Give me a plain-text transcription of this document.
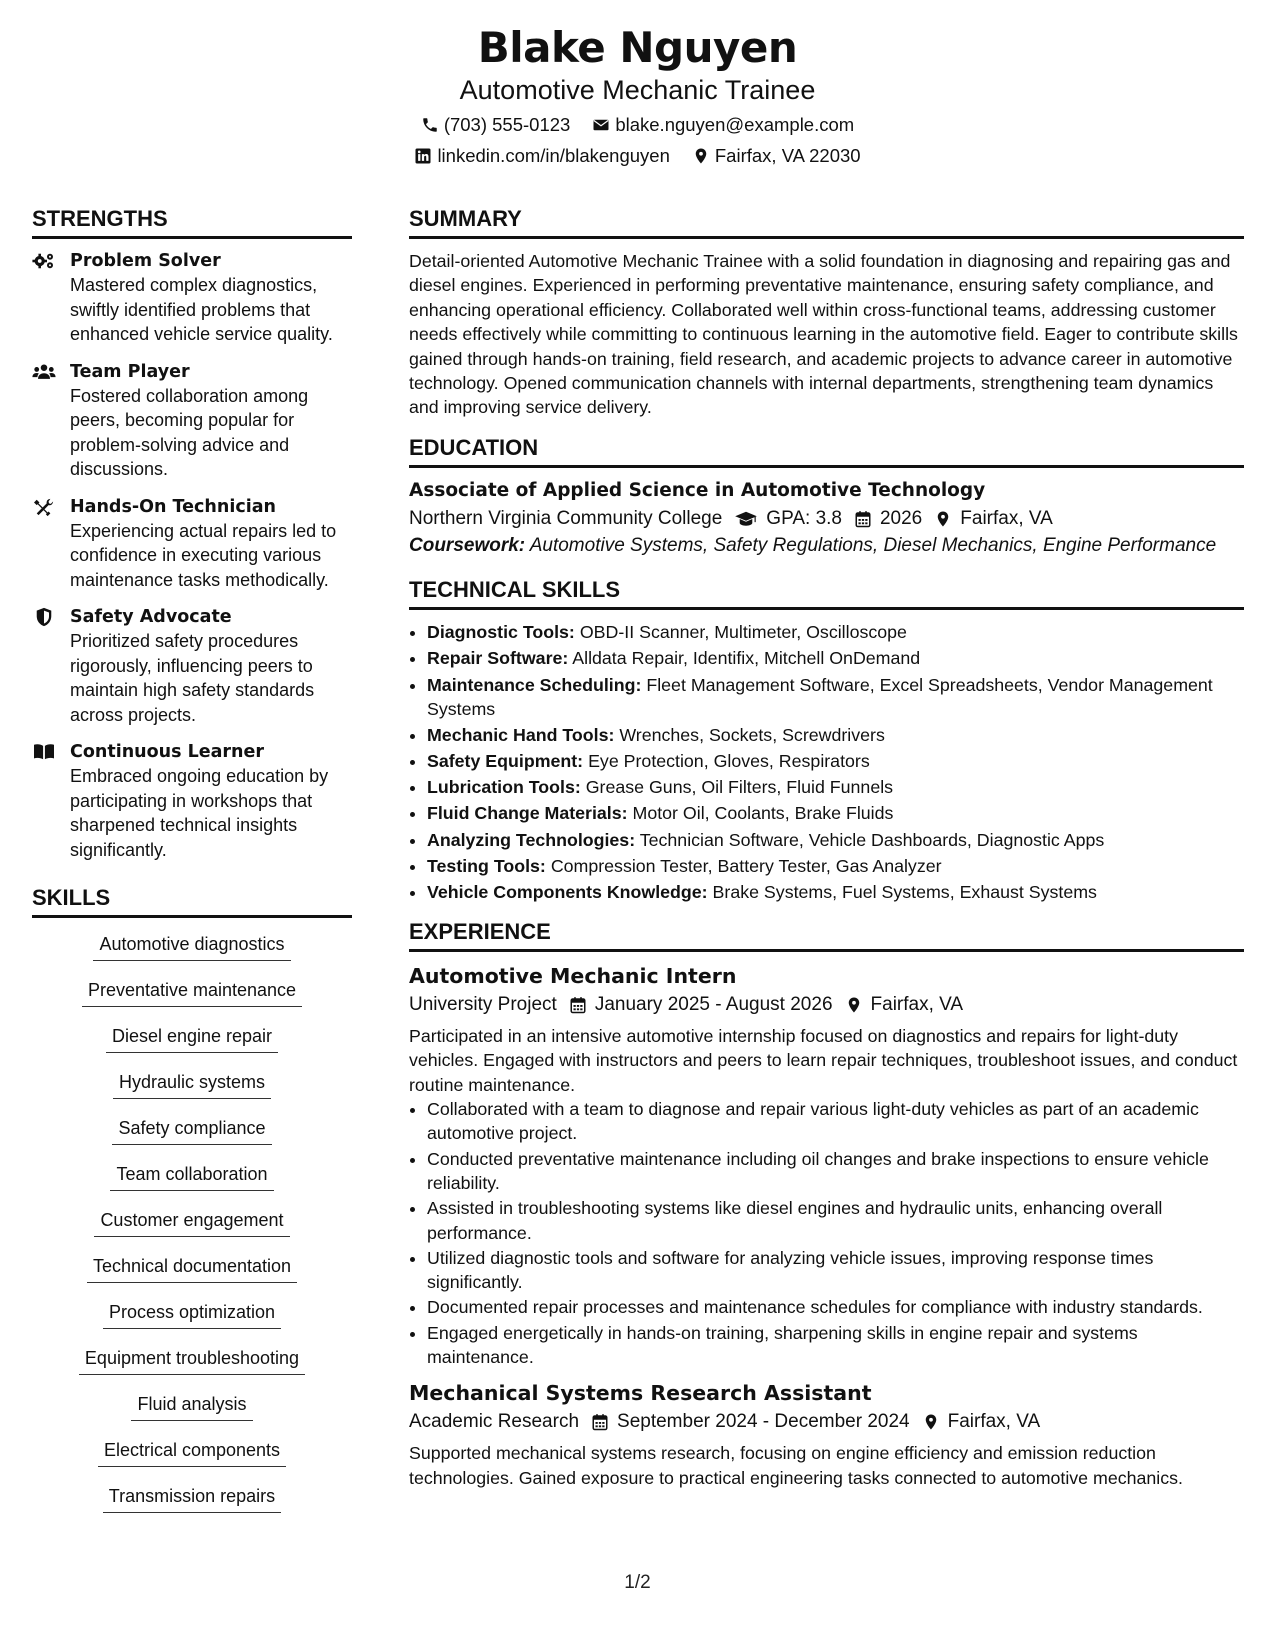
Blake Nguyen
Automotive Mechanic Trainee
(703) 555-0123 blake.nguyen@example.com
linkedin.com/in/blakenguyen Fairfax, VA 22030
STRENGTHS
Problem Solver
Mastered complex diagnostics, swiftly identified problems that enhanced vehicle service quality.
Team Player
Fostered collaboration among peers, becoming popular for problem-solving advice and discussions.
Hands-On Technician
Experiencing actual repairs led to confidence in executing various maintenance tasks methodically.
Safety Advocate
Prioritized safety procedures rigorously, influencing peers to maintain high safety standards across projects.
Continuous Learner
Embraced ongoing education by participating in workshops that sharpened technical insights significantly.
SKILLS
Automotive diagnostics
Preventative maintenance
Diesel engine repair
Hydraulic systems
Safety compliance
Team collaboration
Customer engagement
Technical documentation
Process optimization
Equipment troubleshooting
Fluid analysis
Electrical components
Transmission repairs
SUMMARY
Detail-oriented Automotive Mechanic Trainee with a solid foundation in diagnosing and repairing gas and diesel engines. Experienced in performing preventative maintenance, ensuring safety compliance, and enhancing operational efficiency. Collaborated well within cross-functional teams, addressing customer needs effectively while committing to continuous learning in the automotive field. Eager to contribute skills gained through hands-on training, field research, and academic projects to advance career in automotive technology. Opened communication channels with internal departments, strengthening team dynamics and improving service delivery.
EDUCATION
Associate of Applied Science in Automotive Technology
Northern Virginia Community College GPA: 3.8 2026 Fairfax, VA
Coursework: Automotive Systems, Safety Regulations, Diesel Mechanics, Engine Performance
TECHNICAL SKILLS
• Diagnostic Tools: OBD-II Scanner, Multimeter, Oscilloscope
• Repair Software: Alldata Repair, Identifix, Mitchell OnDemand
• Maintenance Scheduling: Fleet Management Software, Excel Spreadsheets, Vendor Management Systems
• Mechanic Hand Tools: Wrenches, Sockets, Screwdrivers
• Safety Equipment: Eye Protection, Gloves, Respirators
• Lubrication Tools: Grease Guns, Oil Filters, Fluid Funnels
• Fluid Change Materials: Motor Oil, Coolants, Brake Fluids
• Analyzing Technologies: Technician Software, Vehicle Dashboards, Diagnostic Apps
• Testing Tools: Compression Tester, Battery Tester, Gas Analyzer
• Vehicle Components Knowledge: Brake Systems, Fuel Systems, Exhaust Systems
EXPERIENCE
Automotive Mechanic Intern
University Project January 2025 - August 2026 Fairfax, VA
Participated in an intensive automotive internship focused on diagnostics and repairs for light-duty vehicles. Engaged with instructors and peers to learn repair techniques, troubleshoot issues, and conduct routine maintenance.
• Collaborated with a team to diagnose and repair various light-duty vehicles as part of an academic automotive project.
• Conducted preventative maintenance including oil changes and brake inspections to ensure vehicle reliability.
• Assisted in troubleshooting systems like diesel engines and hydraulic units, enhancing overall performance.
• Utilized diagnostic tools and software for analyzing vehicle issues, improving response times significantly.
• Documented repair processes and maintenance schedules for compliance with industry standards.
• Engaged energetically in hands-on training, sharpening skills in engine repair and systems maintenance.
Mechanical Systems Research Assistant
Academic Research September 2024 - December 2024 Fairfax, VA
Supported mechanical systems research, focusing on engine efficiency and emission reduction technologies. Gained exposure to practical engineering tasks connected to automotive mechanics.
1/2
